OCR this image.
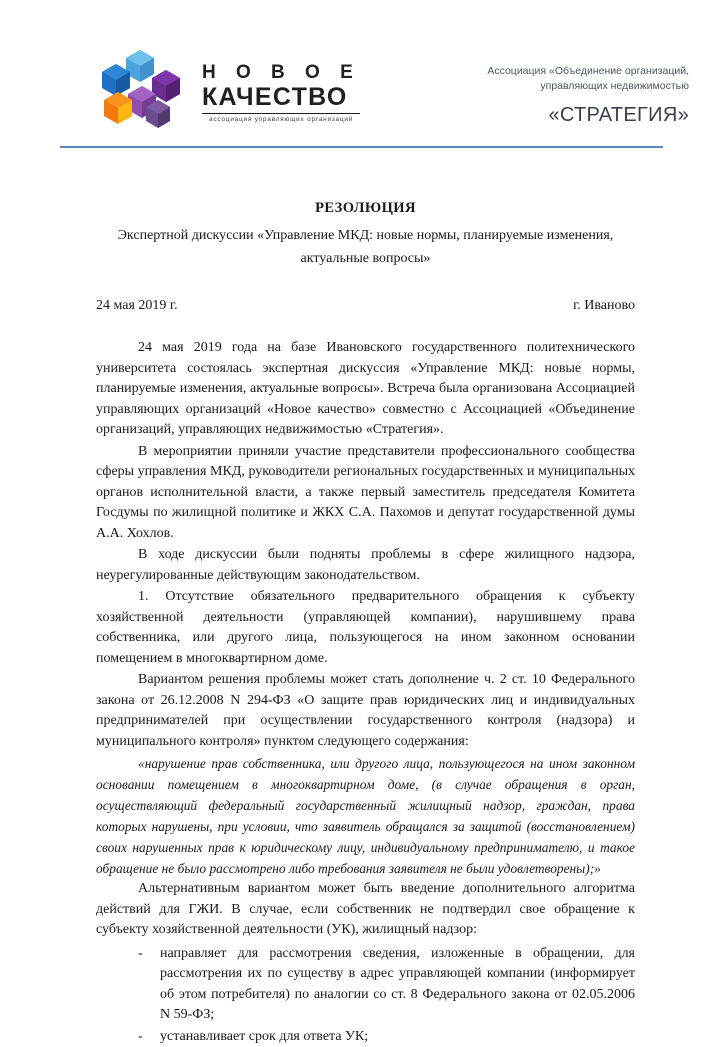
Н О В О Е
КАЧЕСТВО
ассоциация управляющих организаций
Ассоциация «Объединение организаций,
управляющих недвижимостью
«СТРАТЕГИЯ»
РЕЗОЛЮЦИЯ
Экспертной дискуссии «Управление МКД: новые нормы, планируемые изменения, актуальные вопросы»
24 мая 2019 г.	г. Иваново

24 мая 2019 года на базе Ивановского государственного политехнического университета состоялась экспертная дискуссия «Управление МКД: новые нормы, планируемые изменения, актуальные вопросы». Встреча была организована Ассоциацией управляющих организаций «Новое качество» совместно с Ассоциацией «Объединение организаций, управляющих недвижимостью «Стратегия».

В мероприятии приняли участие представители профессионального сообщества сферы управления МКД, руководители региональных государственных и муниципальных органов исполнительной власти, а также первый заместитель председателя Комитета Госдумы по жилищной политике и ЖКХ С.А. Пахомов и депутат государственной думы А.А. Хохлов.

В ходе дискуссии были подняты проблемы в сфере жилищного надзора, неурегулированные действующим законодательством.

1. Отсутствие обязательного предварительного обращения к субъекту хозяйственной деятельности (управляющей компании), нарушившему права собственника, или другого лица, пользующегося на ином законном основании помещением в многоквартирном доме.

Вариантом решения проблемы может стать дополнение ч. 2 ст. 10 Федерального закона от 26.12.2008 N 294-ФЗ «О защите прав юридических лиц и индивидуальных предпринимателей при осуществлении государственного контроля (надзора) и муниципального контроля» пунктом следующего содержания:

«нарушение прав собственника, или другого лица, пользующегося на ином законном основании помещением в многоквартирном доме, (в случае обращения в орган, осуществляющий федеральный государственный жилищный надзор, граждан, права которых нарушены, при условии, что заявитель обращался за защитой (восстановлением) своих нарушенных прав к юридическому лицу, индивидуальному предпринимателю, и такое обращение не было рассмотрено либо требования заявителя не были удовлетворены);»

Альтернативным вариантом может быть введение дополнительного алгоритма действий для ГЖИ. В случае, если собственник не подтвердил свое обращение к субъекту хозяйственной деятельности (УК), жилищный надзор:

- направляет для рассмотрения сведения, изложенные в обращении, для рассмотрения их по существу в адрес управляющей компании (информирует об этом потребителя) по аналогии со ст. 8 Федерального закона от 02.05.2006 N 59-ФЗ;
- устанавливает срок для ответа УК;
